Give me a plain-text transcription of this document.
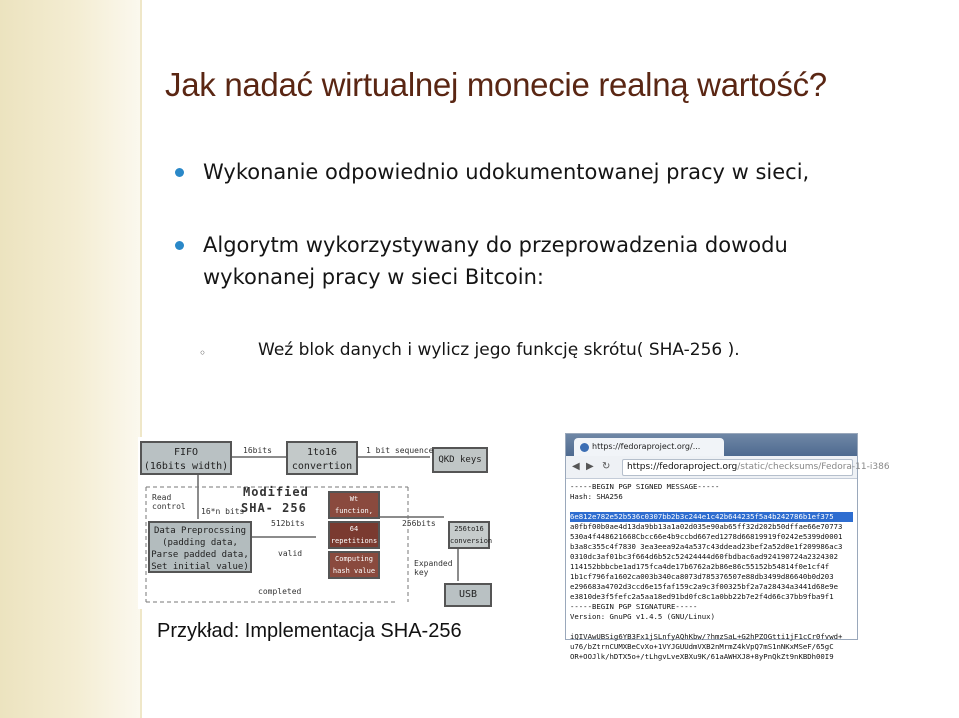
Jak nadać wirtualnej monecie realną wartość?
Wykonanie odpowiednio udokumentowanej pracy w sieci,
Algorytm wykorzystywany do przeprowadzenia dowodu
wykonanej pracy w sieci Bitcoin:
◦	Weź blok danych i wylicz jego funkcję skrótu( SHA-256 ).
FIFO
(16bits width)
1to16
convertion
QKD keys
1 bit sequence
16bits
Read control
Modified
SHA- 256
16*n bits
512bits
Data Preprocssing
(padding data,
Parse padded data,
Set initial value)
valid
Wt function,
64
repetitions
Computing
hash value
256bits
256to16
conversion
Expanded key
USB
completed
https://fedoraproject.org/...
◀ ▶ ↻	https://fedoraproject.org/static/checksums/Fedora-11-i386
-----BEGIN PGP SIGNED MESSAGE-----
Hash: SHA256

6e812e782e52b536c0307bb2b3c244e1c42b644235f5a4b242786b1ef375
a0fbf00b0ae4d13da9bb13a1a02d035e90ab65ff32d202b50dffae66e70773
530a4f448621668Cbcc66e4b9ccbd667ed1278d66819919f0242e5399d0001
b3a8c355c4f7830 3ea3eea92a4a537c43ddead23bef2a52d0e1f209986ac3
0310dc3af01bc3f664d6b52c52424444d60fbdbac6ad924190724a2324302
114152bbbcbe1ad175fca4de17b6762a2b86e86c55152b54814f0e1cf4f
1b1cf796fa1602ca003b340ca8073d785376507e88db3499d86640b0d203
e296683a4702d3ccd6e15faf159c2a9c3f00325bf2a7a28434a3441d68e9e
e3810de3f5fefc2a5aa18ed91bd0fc8c1a0bb22b7e2f4d66c37bb9fba9f1
-----BEGIN PGP SIGNATURE-----
Version: GnuPG v1.4.5 (GNU/Linux)

iQIVAwUBSig6YB3Fx1jSLnfyAQhKbw/?hmzSaL+G2hPZOGtti1jF1cCr0fvwd+
u76/bZtrnCUMXBeCvXo+1VYJGUUdmVXB2nMrmZ4kVpQ7mS1nNKxMSeF/65gC
OR+OOJlk/hDTX5o+/tLhgvLveXBXu9K/61aAWHXJ8+8yPnQkZt9nKBDh00I9
Przykład: Implementacja SHA-256
